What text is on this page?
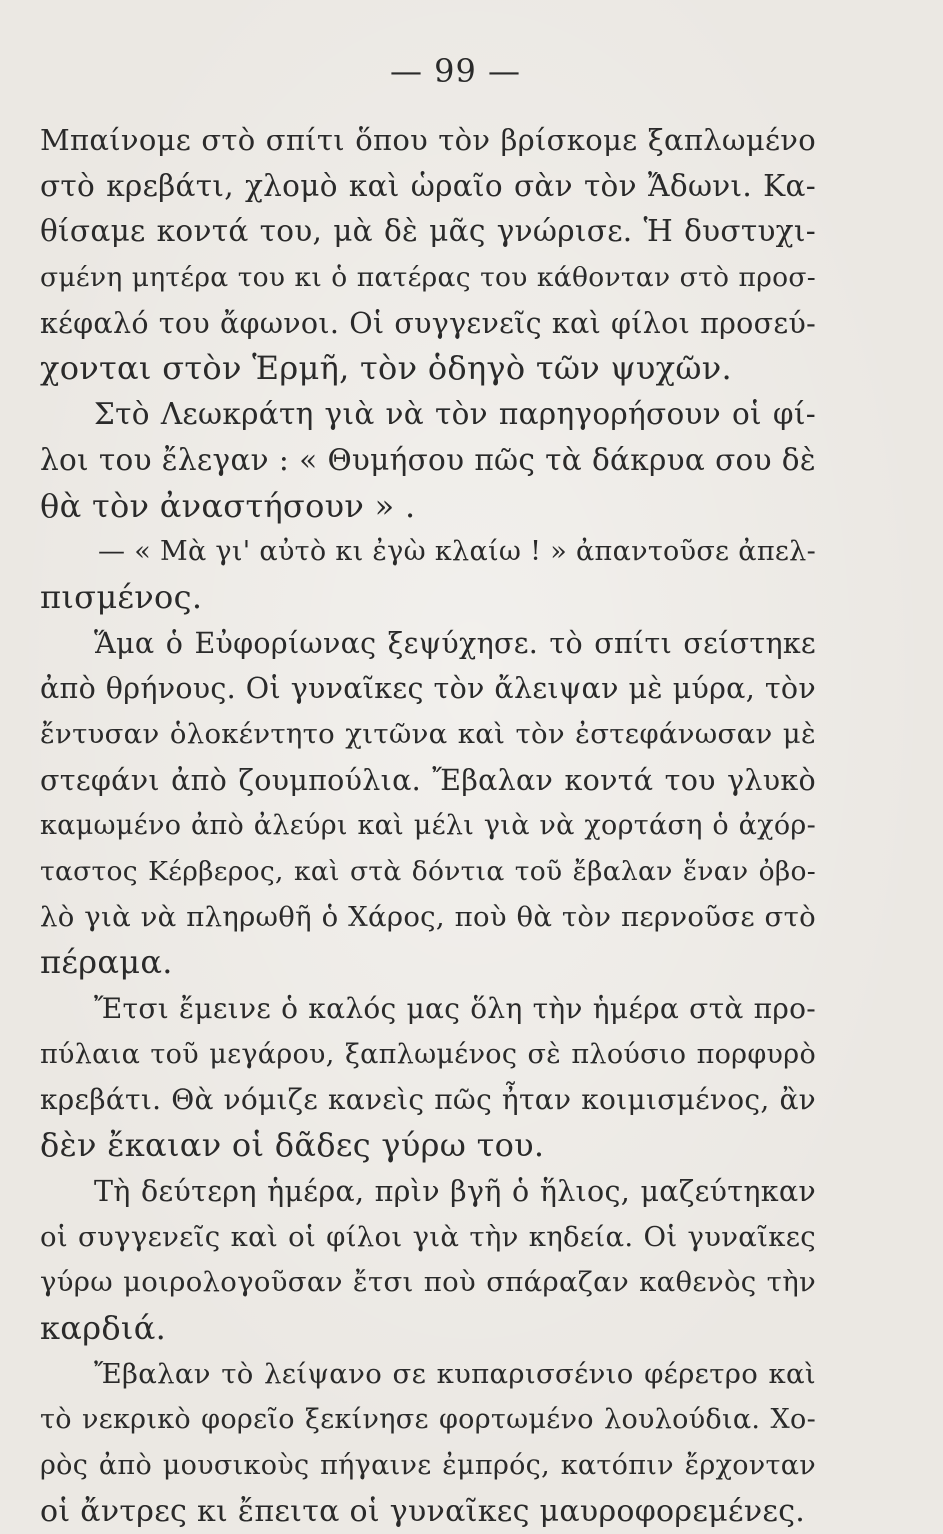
— 99 —
Μπαίνομε στὸ σπίτι ὅπου τὸν βρίσκομε ξαπλωμένο
στὸ κρεβάτι, χλομὸ καὶ ὡραῖο σὰν τὸν Ἄδωνι. Κα-
θίσαμε κοντά του, μὰ δὲ μᾶς γνώρισε. Ἡ δυστυχι-
σμένη μητέρα του κι ὁ πατέρας του κάθονταν στὸ προσ-
κέφαλό του ἄφωνοι. Οἱ συγγενεῖς καὶ φίλοι προσεύ-
χονται στὸν Ἑρμῆ, τὸν ὁδηγὸ τῶν ψυχῶν.
Στὸ Λεωκράτη γιὰ νὰ τὸν παρηγορήσουν οἱ φί-
λοι του ἔλεγαν : « Θυμήσου πῶς τὰ δάκρυα σου δὲ
θὰ τὸν ἀναστήσουν » .
— « Μὰ γι' αὐτὸ κι ἐγὼ κλαίω ! » ἀπαντοῦσε ἀπελ-
πισμένος.
Ἅμα ὁ Εὐφορίωνας ξεψύχησε. τὸ σπίτι σείστηκε
ἀπὸ θρήνους. Οἱ γυναῖκες τὸν ἄλειψαν μὲ μύρα, τὸν
ἔντυσαν ὁλοκέντητο χιτῶνα καὶ τὸν ἐστεφάνωσαν μὲ
στεφάνι ἀπὸ ζουμπούλια. Ἔβαλαν κοντά του γλυκὸ
καμωμένο ἀπὸ ἀλεύρι καὶ μέλι γιὰ νὰ χορτάση ὁ ἀχόρ-
ταστος Κέρβερος, καὶ στὰ δόντια τοῦ ἔβαλαν ἕναν ὀβο-
λὸ γιὰ νὰ πληρωθῆ ὁ Χάρος, ποὺ θὰ τὸν περνοῦσε στὸ
πέραμα.
Ἔτσι ἔμεινε ὁ καλός μας ὅλη τὴν ἡμέρα στὰ προ-
πύλαια τοῦ μεγάρου, ξαπλωμένος σὲ πλούσιο πορφυρὸ
κρεβάτι. Θὰ νόμιζε κανεὶς πῶς ἦταν κοιμισμένος, ἂν
δὲν ἔκαιαν οἱ δᾶδες γύρω του.
Τὴ δεύτερη ἡμέρα, πρὶν βγῆ ὁ ἥλιος, μαζεύτηκαν
οἱ συγγενεῖς καὶ οἱ φίλοι γιὰ τὴν κηδεία. Οἱ γυναῖκες
γύρω μοιρολογοῦσαν ἔτσι ποὺ σπάραζαν καθενὸς τὴν
καρδιά.
Ἔβαλαν τὸ λείψανο σε κυπαρισσένιο φέρετρο καὶ
τὸ νεκρικὸ φορεῖο ξεκίνησε φορτωμένο λουλούδια. Χο-
ρὸς ἀπὸ μουσικοὺς πήγαινε ἐμπρός, κατόπιν ἔρχονταν
οἱ ἄντρες κι ἔπειτα οἱ γυναῖκες μαυροφορεμένες.
